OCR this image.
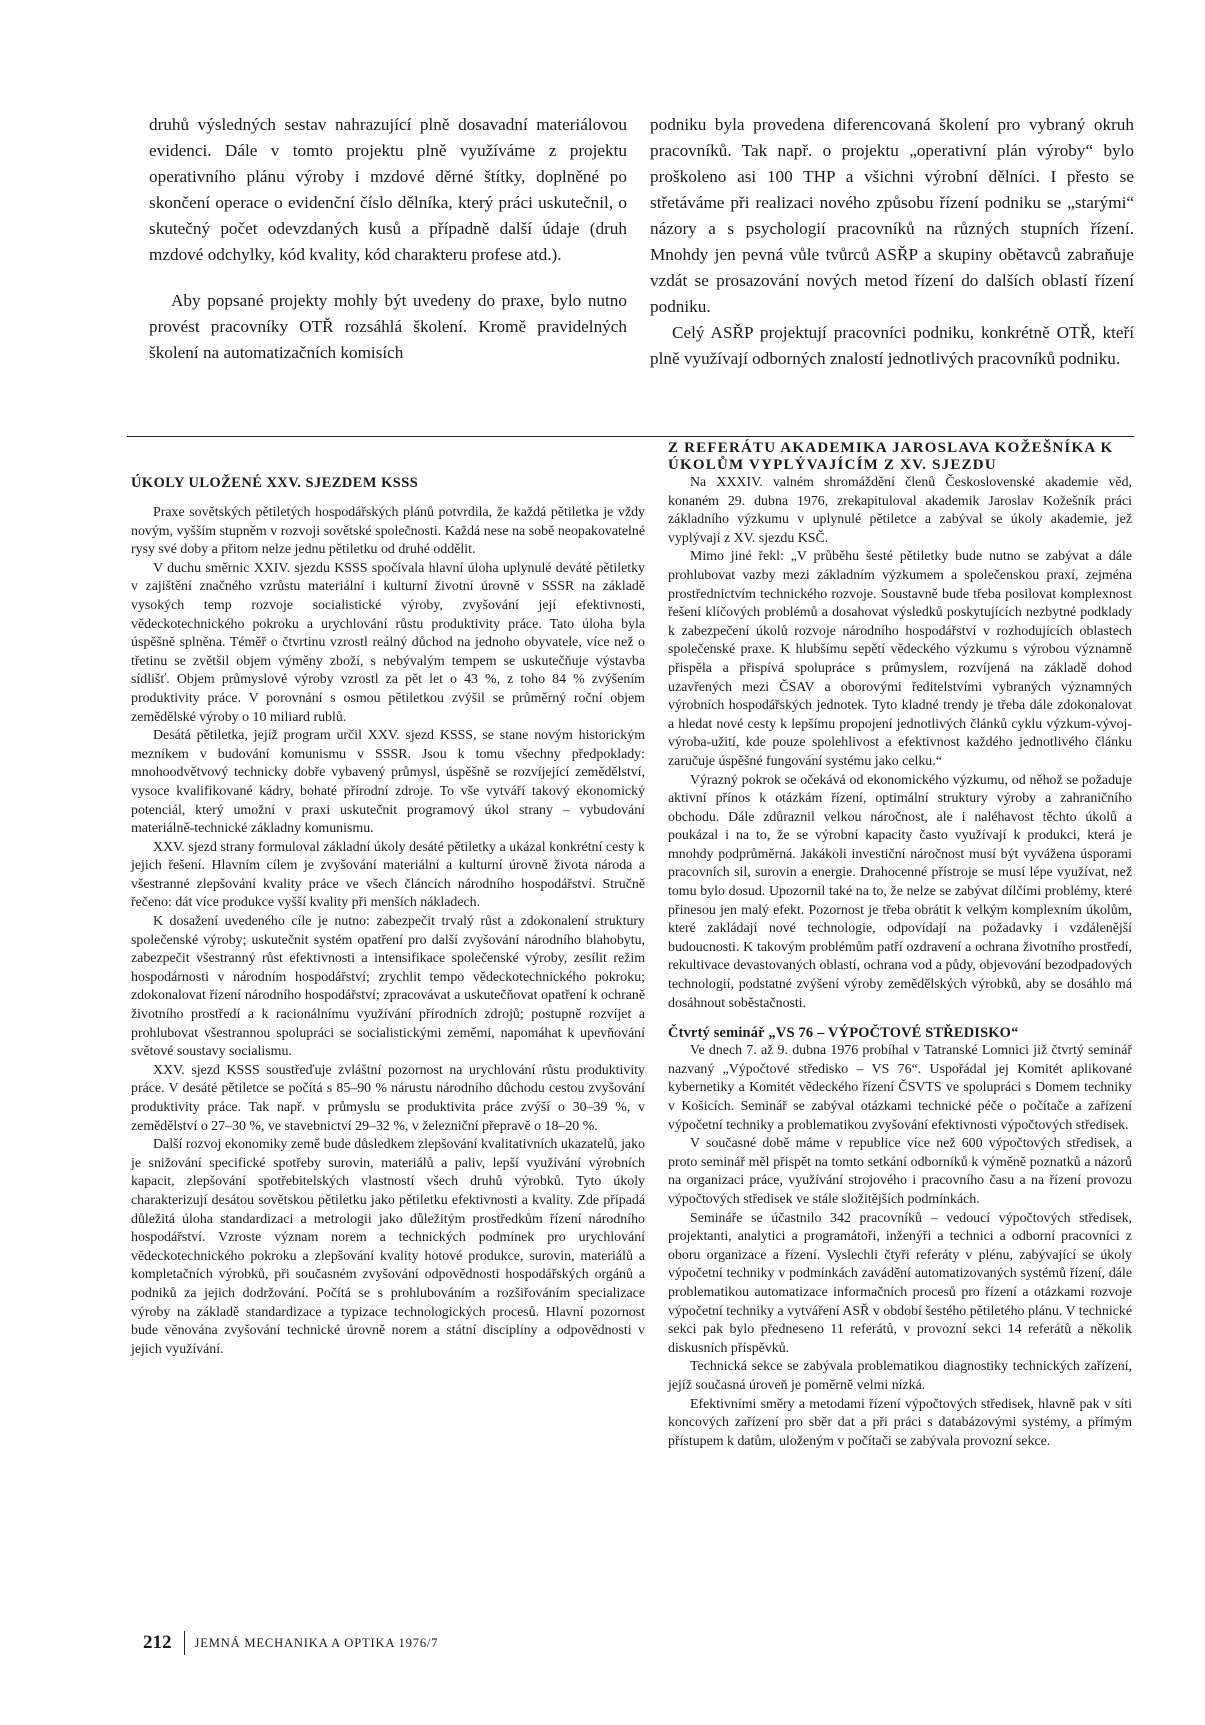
druhů výsledných sestav nahrazující plně dosavadní materiálovou evidenci. Dále v tomto projektu plně využíváme z projektu operativního plánu výroby i mzdové děrné štítky, doplněné po skončení operace o evidenční číslo dělníka, který práci uskutečnil, o skutečný počet odevzdaných kusů a případně další údaje (druh mzdové odchylky, kód kvality, kód charakteru profese atd.).

Aby popsané projekty mohly být uvedeny do praxe, bylo nutno provést pracovníky OTŘ rozsáhlá školení. Kromě pravidelných školení na automatizačních komisích

podniku byla provedena diferencovaná školení pro vybraný okruh pracovníků. Tak např. o projektu „operativní plán výroby“ bylo proškoleno asi 100 THP a všichni výrobní dělníci. I přesto se střetáváme při realizaci nového způsobu řízení podniku se „starými“ názory a s psychologií pracovníků na různých stupních řízení. Mnohdy jen pevná vůle tvůrců ASŘP a skupiny obětavců zabraňuje vzdát se prosazování nových metod řízení do dalších oblastí řízení podniku.

Celý ASŘP projektují pracovníci podniku, konkrétně OTŘ, kteří plně využívají odborných znalostí jednotlivých pracovníků podniku.

ÚKOLY ULOŽENÉ XXV. SJEZDEM KSSS

Praxe sovětských pětiletých hospodářských plánů potvrdila, že každá pětiletka je vždy novým, vyšším stupněm v rozvoji sovětské společnosti. Každá nese na sobě neopakovatelné rysy své doby a přitom nelze jednu pětiletku od druhé oddělit.

V duchu směrnic XXIV. sjezdu KSSS spočívala hlavní úloha uplynulé deváté pětiletky v zajištění značného vzrůstu materiální i kulturní životní úrovně v SSSR na základě vysokých temp rozvoje socialistické výroby, zvyšování její efektivnosti, vědeckotechnického pokroku a urychlování růstu produktivity práce. Tato úloha byla úspěšně splněna. Téměř o čtvrtinu vzrostl reálný důchod na jednoho obyvatele, více než o třetinu se zvětšil objem výměny zboží, s nebývalým tempem se uskutečňuje výstavba sídlišť. Objem průmyslové výroby vzrostl za pět let o 43 %, z toho 84 % zvýšením produktivity práce. V porovnání s osmou pětiletkou zvýšil se průměrný roční objem zemědělské výroby o 10 miliard rublů.

Desátá pětiletka, jejíž program určil XXV. sjezd KSSS, se stane novým historickým mezníkem v budování komunismu v SSSR. Jsou k tomu všechny předpoklady: mnohoodvětvový technicky dobře vybavený průmysl, úspěšně se rozvíjející zemědělství, vysoce kvalifikované kádry, bohaté přírodní zdroje. To vše vytváří takový ekonomický potenciál, který umožní v praxi uskutečnit programový úkol strany – vybudování materiálně-technické základny komunismu.

XXV. sjezd strany formuloval základní úkoly desáté pětiletky a ukázal konkrétní cesty k jejich řešení. Hlavním cílem je zvyšování materiální a kulturní úrovně života národa a všestranné zlepšování kvality práce ve všech článcích národního hospodářství. Stručně řečeno: dát více produkce vyšší kvality při menších nákladech.

K dosažení uvedeného cíle je nutno: zabezpečit trvalý růst a zdokonalení struktury společenské výroby; uskutečnit systém opatření pro další zvyšování národního blahobytu, zabezpečit všestranný růst efektivnosti a intensifikace společenské výroby, zesílit režim hospodárnosti v národním hospodářství; zrychlit tempo vědeckotechnického pokroku; zdokonalovat řízení národního hospodářství; zpracovávat a uskutečňovat opatření k ochraně životního prostředí a k racionálnímu využívání přírodních zdrojů; postupně rozvíjet a prohlubovat všestrannou spolupráci se socialistickými zeměmi, napomáhat k upevňování světové soustavy socialismu.

XXV. sjezd KSSS soustřeďuje zvláštní pozornost na urychlování růstu produktivity práce. V desáté pětiletce se počítá s 85–90 % nárustu národního důchodu cestou zvyšování produktivity práce. Tak např. v průmyslu se produktivita práce zvýší o 30–39 %, v zemědělství o 27–30 %, ve stavebnictví 29–32 %, v železniční přepravě o 18–20 %.

Další rozvoj ekonomiky země bude důsledkem zlepšování kvalitativních ukazatelů, jako je snižování specifické spotřeby surovin, materiálů a paliv, lepší využívání výrobních kapacit, zlepšování spotřebitelských vlastností všech druhů výrobků. Tyto úkoly charakterizují desátou sovětskou pětiletku jako pětiletku efektivnosti a kvality. Zde případá důležitá úloha standardizaci a metrologii jako důležitým prostředkům řízení národního hospodářství. Vzroste význam norem a technických podmínek pro urychlování vědeckotechnického pokroku a zlepšování kvality hotové produkce, surovin, materiálů a kompletačních výrobků, při současném zvyšování odpovědnosti hospodářských orgánů a podniků za jejich dodržování. Počítá se s prohlubováním a rozšiřováním specializace výroby na základě standardizace a typizace technologických procesů. Hlavní pozornost bude věnována zvyšování technické úrovně norem a státní disciplíny a odpovědnosti v jejich využívání.

Z REFERÁTU AKADEMIKA JAROSLAVA KOŽEŠNÍKA K ÚKOLŮM VYPLÝVAJÍCÍM Z XV. SJEZDU

Na XXXIV. valném shromáždění členů Československé akademie věd, konaném 29. dubna 1976, zrekapituloval akademik Jaroslav Kožešník práci základního výzkumu v uplynulé pětiletce a zabýval se úkoly akademie, jež vyplývají z XV. sjezdu KSČ.

Mimo jiné řekl: „V průběhu šesté pětiletky bude nutno se zabývat a dále prohlubovat vazby mezi základním výzkumem a společenskou praxí, zejména prostřednictvím technického rozvoje. Soustavně bude třeba posilovat komplexnost řešení klíčových problémů a dosahovat výsledků poskytujících nezbytné podklady k zabezpečení úkolů rozvoje národního hospodářství v rozhodujících oblastech společenské praxe. K hlubšímu sepětí vědeckého výzkumu s výrobou významně přispěla a přispívá spolupráce s průmyslem, rozvíjená na základě dohod uzavřených mezi ČSAV a oborovými ředitelstvími vybraných významných výrobních hospodářských jednotek. Tyto kladné trendy je třeba dále zdokonalovat a hledat nové cesty k lepšímu propojení jednotlivých článků cyklu výzkum-vývoj-výroba-užití, kde pouze spolehlivost a efektivnost každého jednotlivého článku zaručuje úspěšné fungování systému jako celku.“

Výrazný pokrok se očekává od ekonomického výzkumu, od něhož se požaduje aktivní přínos k otázkám řízení, optimální struktury výroby a zahraničního obchodu. Dále zdůraznil velkou náročnost, ale i naléhavost těchto úkolů a poukázal i na to, že se výrobní kapacity často využívají k produkci, která je mnohdy podprůměrná. Jakákoli investiční náročnost musí být vyvážena úsporami pracovních sil, surovin a energie. Drahocenné přístroje se musí lépe využívat, než tomu bylo dosud. Upozornil také na to, že nelze se zabývat dílčími problémy, které přinesou jen malý efekt. Pozornost je třeba obrátit k velkým komplexním úkolům, které zakládají nové technologie, odpovídají na požadavky i vzdálenější budoucnosti. K takovým problémům patří ozdravení a ochrana životního prostředí, rekultivace devastovaných oblastí, ochrana vod a půdy, objevování bezodpadových technologií, podstatné zvýšení výroby zemědělských výrobků, aby se dosáhlo má dosáhnout soběstačnosti.

Čtvrtý seminář „VS 76 – VÝPOČTOVÉ STŘEDISKO“

Ve dnech 7. až 9. dubna 1976 probíhal v Tatranské Lomnici již čtvrtý seminář nazvaný „Výpočtové středisko – VS 76“. Uspořádal jej Komitét aplikované kybernetiky a Komitét vědeckého řízení ČSVTS ve spolupráci s Domem techniky v Košicích. Seminář se zabýval otázkami technické péče o počítače a zařízení výpočetní techniky a problematikou zvyšování efektivnosti výpočtových středisek.

V současné době máme v republice více než 600 výpočtových středisek, a proto seminář měl přispět na tomto setkání odborníků k výměně poznatků a názorů na organizaci práce, využívání strojového i pracovního času a na řízení provozu výpočtových středisek ve stále složitějších podmínkách.

Semináře se účastnilo 342 pracovníků – vedoucí výpočtových středisek, projektanti, analytici a programátoři, inženýři a technici a odborní pracovníci z oboru organizace a řízení. Vyslechli čtyři referáty v plénu, zabývající se úkoly výpočetní techniky v podmínkách zavádění automatizovaných systémů řízení, dále problematikou automatizace informačních procesů pro řízení a otázkami rozvoje výpočetní techniky a vytváření ASŘ v období šestého pětiletého plánu. V technické sekci pak bylo předneseno 11 referátů, v provozní sekci 14 referátů a několik diskusních příspěvků.

Technická sekce se zabývala problematikou diagnostiky technických zařízení, jejíž současná úroveň je poměrně velmi nízká.

Efektivními směry a metodami řízení výpočtových středisek, hlavně pak v síti koncových zařízení pro sběr dat a při práci s databázovými systémy, a přímým přístupem k datům, uloženým v počítači se zabývala provozní sekce.

212 JEMNÁ MECHANIKA A OPTIKA 1976/7
